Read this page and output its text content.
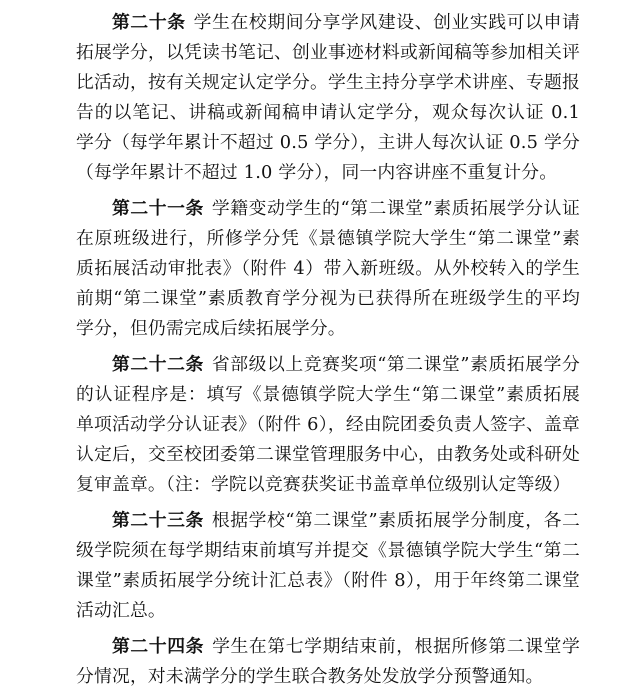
第二十条 学生在校期间分享学风建设、创业实践可以申请拓展学分，以凭读书笔记、创业事迹材料或新闻稿等参加相关评比活动，按有关规定认定学分。学生主持分享学术讲座、专题报告的以笔记、讲稿或新闻稿申请认定学分，观众每次认证 0.1 学分（每学年累计不超过 0.5 学分），主讲人每次认证 0.5 学分（每学年累计不超过 1.0 学分），同一内容讲座不重复计分。

第二十一条 学籍变动学生的“第二课堂”素质拓展学分认证在原班级进行，所修学分凭《景德镇学院大学生“第二课堂”素质拓展活动审批表》（附件 4）带入新班级。从外校转入的学生前期“第二课堂”素质教育学分视为已获得所在班级学生的平均学分，但仍需完成后续拓展学分。

第二十二条 省部级以上竞赛奖项“第二课堂”素质拓展学分的认证程序是：填写《景德镇学院大学生“第二课堂”素质拓展单项活动学分认证表》（附件 6），经由院团委负责人签字、盖章认定后，交至校团委第二课堂管理服务中心，由教务处或科研处复审盖章。（注：学院以竞赛获奖证书盖章单位级别认定等级）

第二十三条 根据学校“第二课堂”素质拓展学分制度，各二级学院须在每学期结束前填写并提交《景德镇学院大学生“第二课堂”素质拓展学分统计汇总表》（附件 8），用于年终第二课堂活动汇总。

第二十四条 学生在第七学期结束前，根据所修第二课堂学分情况，对未满学分的学生联合教务处发放学分预警通知。
